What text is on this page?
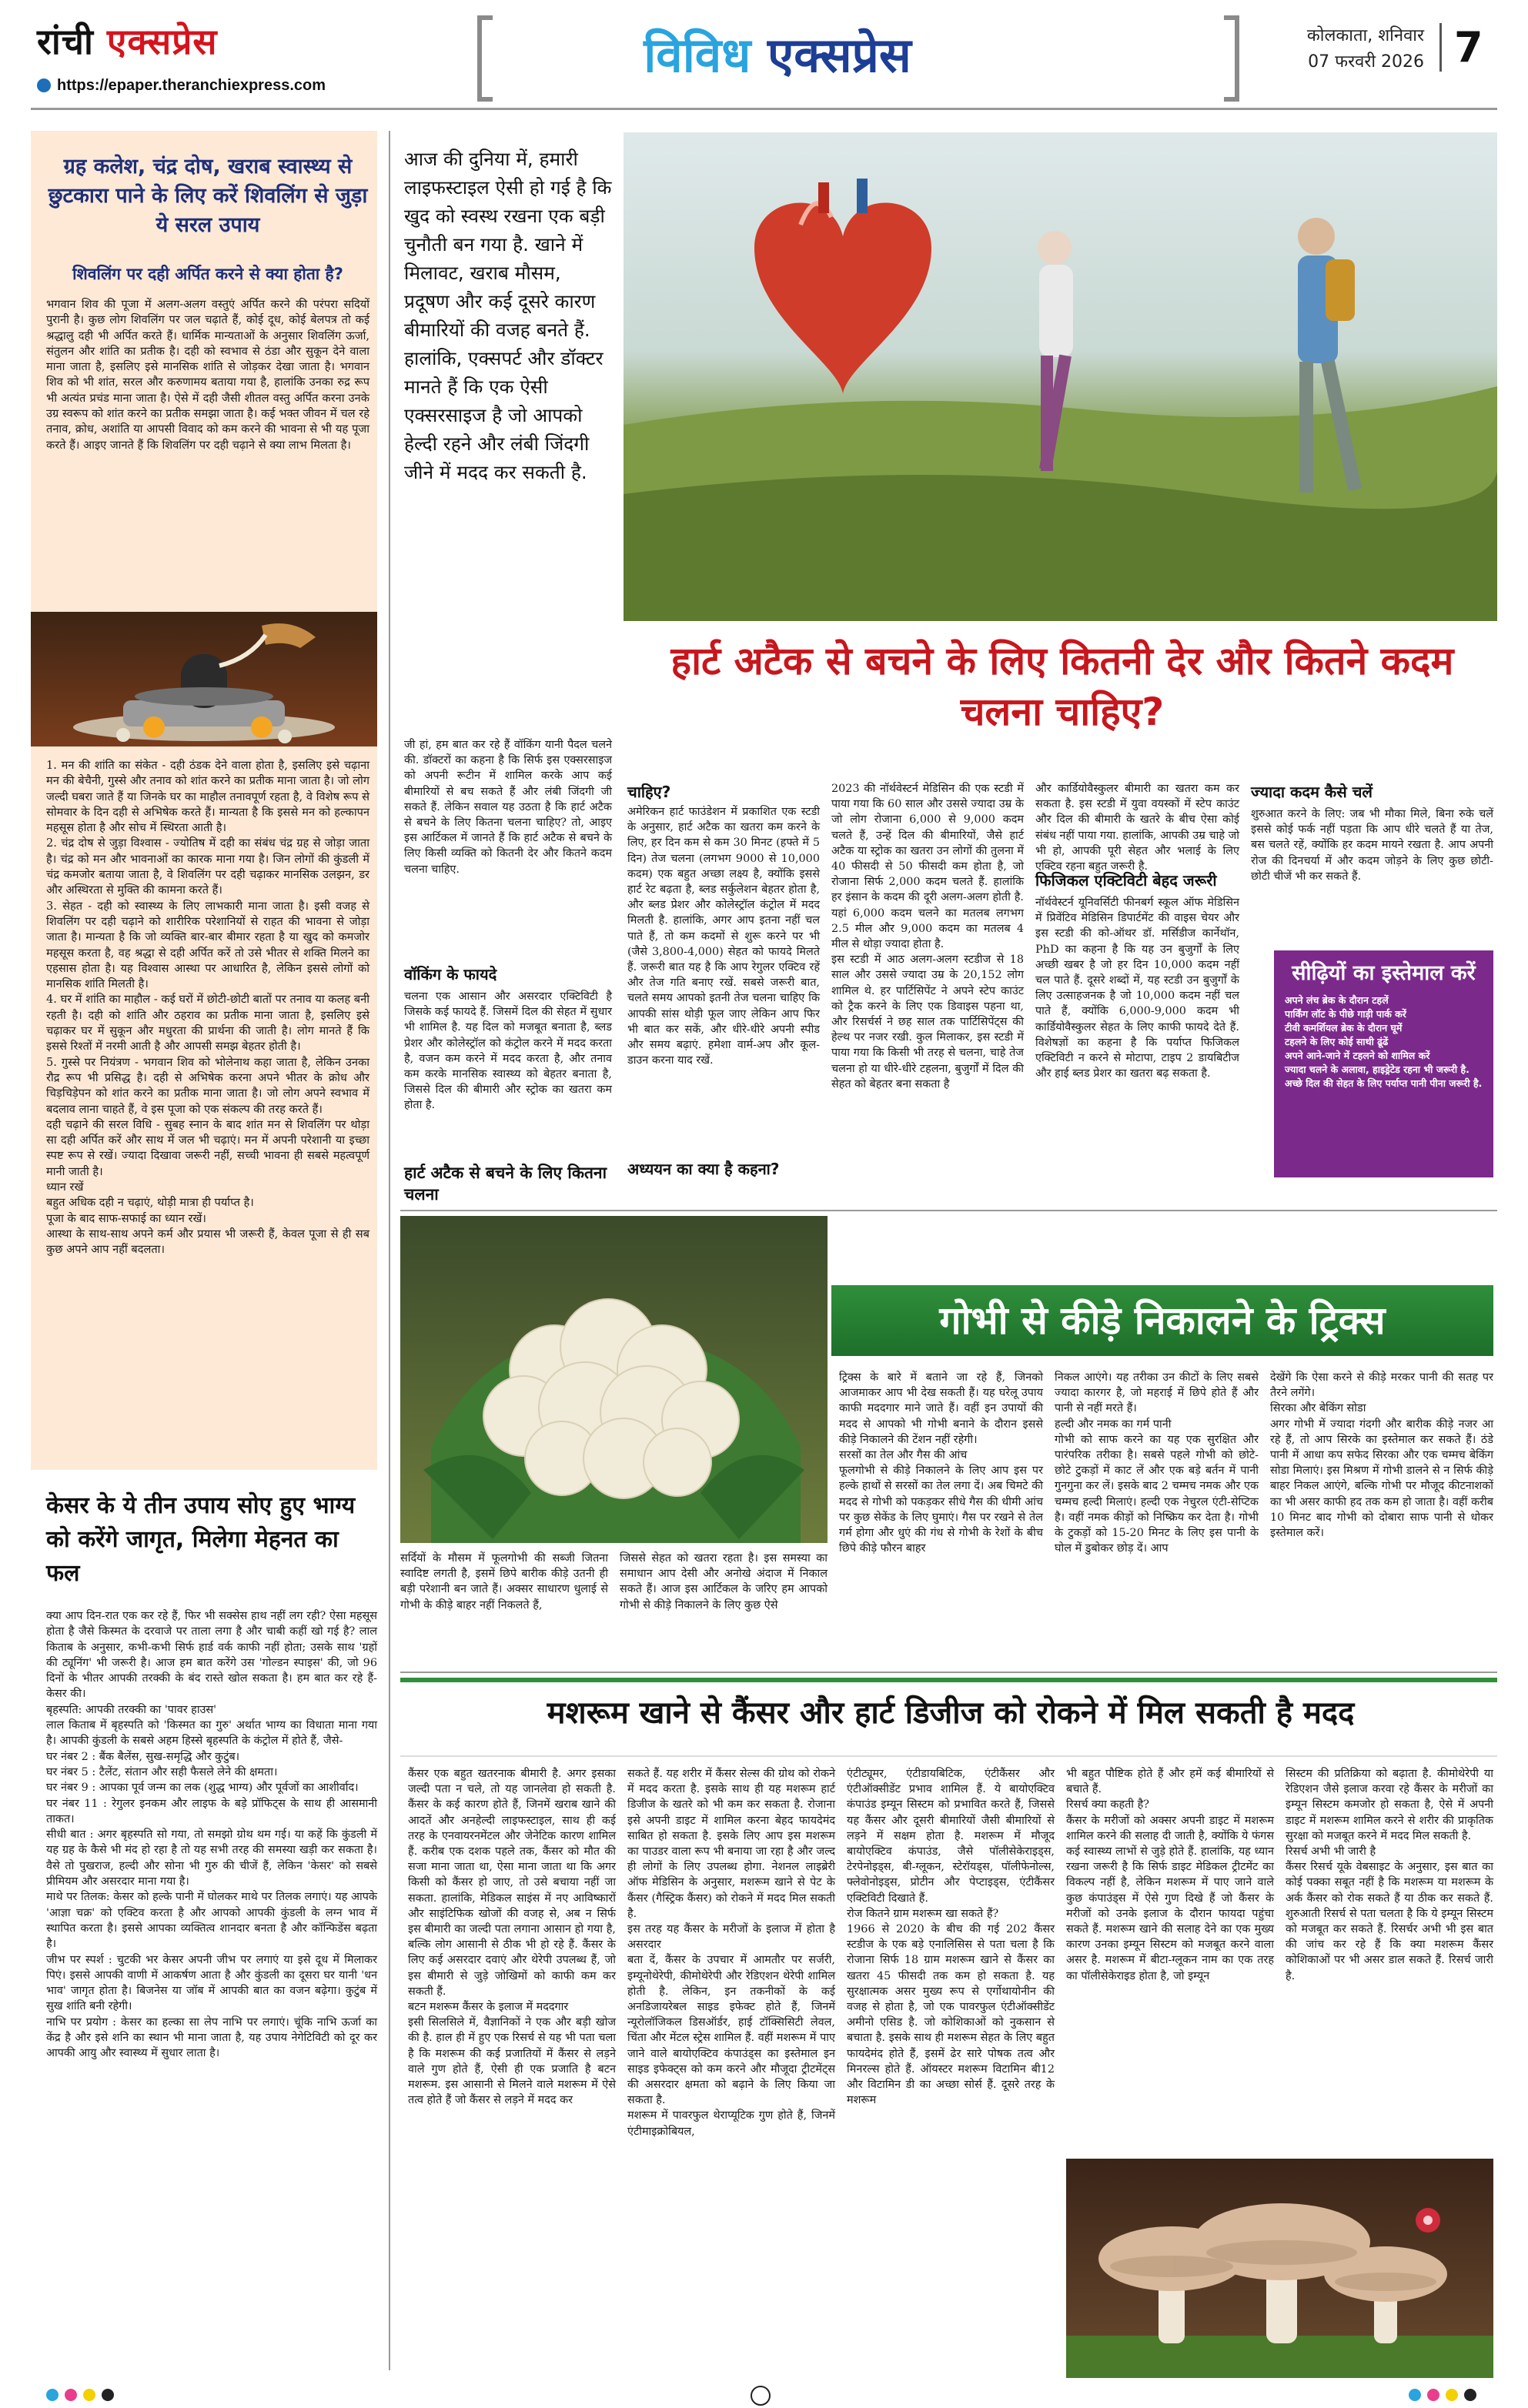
रांची एक्सप्रेस
https://epaper.theranchiexpress.com
विविध एक्सप्रेस	कोलकाता, शनिवार
07 फरवरी 2026 7
ग्रह कलेश, चंद्र दोष, खराब स्वास्थ्य से छुटकारा पाने के लिए करें शिवलिंग से जुड़ा ये सरल उपाय
शिवलिंग पर दही अर्पित करने से क्या होता है?
भगवान शिव की पूजा में अलग-अलग वस्तुएं अर्पित करने की परंपरा सदियों पुरानी है। कुछ लोग शिवलिंग पर जल चढ़ाते हैं, कोई दूध, कोई बेलपत्र तो कई श्रद्धालु दही भी अर्पित करते हैं। धार्मिक मान्यताओं के अनुसार शिवलिंग ऊर्जा, संतुलन और शांति का प्रतीक है। दही को स्वभाव से ठंडा और सुकून देने वाला माना जाता है, इसलिए इसे मानसिक शांति से जोड़कर देखा जाता है। भगवान शिव को भी शांत, सरल और करुणामय बताया गया है, हालांकि उनका रुद्र रूप भी अत्यंत प्रचंड माना जाता है। ऐसे में दही जैसी शीतल वस्तु अर्पित करना उनके उग्र स्वरूप को शांत करने का प्रतीक समझा जाता है। कई भक्त जीवन में चल रहे तनाव, क्रोध, अशांति या आपसी विवाद को कम करने की भावना से भी यह पूजा करते हैं। आइए जानते हैं कि शिवलिंग पर दही चढ़ाने से क्या लाभ मिलता है।
1. मन की शांति का संकेत - दही ठंडक देने वाला होता है, इसलिए इसे चढ़ाना मन की बेचैनी, गुस्से और तनाव को शांत करने का प्रतीक माना जाता है। जो लोग जल्दी घबरा जाते हैं या जिनके घर का माहौल तनावपूर्ण रहता है, वे विशेष रूप से सोमवार के दिन दही से अभिषेक करते हैं। मान्यता है कि इससे मन को हल्कापन महसूस होता है और सोच में स्थिरता आती है।
2. चंद्र दोष से जुड़ा विश्वास - ज्योतिष में दही का संबंध चंद्र ग्रह से जोड़ा जाता है। चंद्र को मन और भावनाओं का कारक माना गया है। जिन लोगों की कुंडली में चंद्र कमजोर बताया जाता है, वे शिवलिंग पर दही चढ़ाकर मानसिक उलझन, डर और अस्थिरता से मुक्ति की कामना करते हैं।
3. सेहत - दही को स्वास्थ्य के लिए लाभकारी माना जाता है। इसी वजह से शिवलिंग पर दही चढ़ाने को शारीरिक परेशानियों से राहत की भावना से जोड़ा जाता है। मान्यता है कि जो व्यक्ति बार-बार बीमार रहता है या खुद को कमजोर महसूस करता है, वह श्रद्धा से दही अर्पित करें तो उसे भीतर से शक्ति मिलने का एहसास होता है। यह विश्वास आस्था पर आधारित है, लेकिन इससे लोगों को मानसिक शांति मिलती है।
4. घर में शांति का माहौल - कई घरों में छोटी-छोटी बातों पर तनाव या कलह बनी रहती है। दही को शांति और ठहराव का प्रतीक माना जाता है, इसलिए इसे चढ़ाकर घर में सुकून और मधुरता की प्रार्थना की जाती है। लोग मानते हैं कि इससे रिश्तों में नरमी आती है और आपसी समझ बेहतर होती है।
5. गुस्से पर नियंत्रण - भगवान शिव को भोलेनाथ कहा जाता है, लेकिन उनका रौद्र रूप भी प्रसिद्ध है। दही से अभिषेक करना अपने भीतर के क्रोध और चिड़चिड़ेपन को शांत करने का प्रतीक माना जाता है। जो लोग अपने स्वभाव में बदलाव लाना चाहते हैं, वे इस पूजा को एक संकल्प की तरह करते हैं।
दही चढ़ाने की सरल विधि - सुबह स्नान के बाद शांत मन से शिवलिंग पर थोड़ा सा दही अर्पित करें और साथ में जल भी चढ़ाएं। मन में अपनी परेशानी या इच्छा स्पष्ट रूप से रखें। ज्यादा दिखावा जरूरी नहीं, सच्ची भावना ही सबसे महत्वपूर्ण मानी जाती है।
ध्यान रखें
बहुत अधिक दही न चढ़ाएं, थोड़ी मात्रा ही पर्याप्त है।
पूजा के बाद साफ-सफाई का ध्यान रखें।
आस्था के साथ-साथ अपने कर्म और प्रयास भी जरूरी हैं, केवल पूजा से ही सब कुछ अपने आप नहीं बदलता।
केसर के ये तीन उपाय सोए हुए भाग्य को करेंगे जागृत, मिलेगा मेहनत का फल
क्या आप दिन-रात एक कर रहे हैं, फिर भी सक्सेस हाथ नहीं लग रही? ऐसा महसूस होता है जैसे किस्मत के दरवाजे पर ताला लगा है और चाबी कहीं खो गई है? लाल किताब के अनुसार, कभी-कभी सिर्फ हार्ड वर्क काफी नहीं होता; उसके साथ 'ग्रहों की ट्यूनिंग' भी जरूरी है। आज हम बात करेंगे उस 'गोल्डन स्पाइस' की, जो 96 दिनों के भीतर आपकी तरक्की के बंद रास्ते खोल सकता है। हम बात कर रहे हैं- केसर की।
बृहस्पति: आपकी तरक्की का 'पावर हाउस'
लाल किताब में बृहस्पति को 'किस्मत का गुरु' अर्थात भाग्य का विधाता माना गया है। आपकी कुंडली के सबसे अहम हिस्से बृहस्पति के कंट्रोल में होते हैं, जैसे-
घर नंबर 2 : बैंक बैलेंस, सुख-समृद्धि और कुटुंब।
घर नंबर 5 : टैलेंट, संतान और सही फैसले लेने की क्षमता।
घर नंबर 9 : आपका पूर्व जन्म का लक (शुद्ध भाग्य) और पूर्वजों का आशीर्वाद।
घर नंबर 11 : रेगुलर इनकम और लाइफ के बड़े प्रॉफिट्स के साथ ही आसमानी ताकत।
सीधी बात : अगर बृहस्पति सो गया, तो समझो ग्रोथ थम गई। या कहें कि कुंडली में यह ग्रह के कैसे भी मंद हो रहा है तो यह सभी तरह की समस्या खड़ी कर सकता है। वैसे तो पुखराज, हल्दी और सोना भी गुरु की चीजें हैं, लेकिन 'केसर' को सबसे प्रीमियम और असरदार माना गया है।
माथे पर तिलक: केसर को हल्के पानी में घोलकर माथे पर तिलक लगाएं। यह आपके 'आज्ञा चक्र' को एक्टिव करता है और आपको आपकी कुंडली के लग्न भाव में स्थापित करता है। इससे आपका व्यक्तित्व शानदार बनता है और कॉन्फिडेंस बढ़ता है।
जीभ पर स्पर्श : चुटकी भर केसर अपनी जीभ पर लगाएं या इसे दूध में मिलाकर पिएं। इससे आपकी वाणी में आकर्षण आता है और कुंडली का दूसरा घर यानी 'धन भाव' जागृत होता है। बिजनेस या जॉब में आपकी बात का वजन बढ़ेगा। कुटुंब में सुख शांति बनी रहेगी।
नाभि पर प्रयोग : केसर का हल्का सा लेप नाभि पर लगाएं। चूंकि नाभि ऊर्जा का केंद्र है और इसे शनि का स्थान भी माना जाता है, यह उपाय नेगेटिविटी को दूर कर आपकी आयु और स्वास्थ्य में सुधार लाता है।
आज की दुनिया में, हमारी लाइफस्टाइल ऐसी हो गई है कि खुद को स्वस्थ रखना एक बड़ी चुनौती बन गया है. खाने में मिलावट, खराब मौसम, प्रदूषण और कई दूसरे कारण बीमारियों की वजह बनते हैं. हालांकि, एक्सपर्ट और डॉक्टर मानते हैं कि एक ऐसी एक्सरसाइज है जो आपको हेल्दी रहने और लंबी जिंदगी जीने में मदद कर सकती है.
हार्ट अटैक से बचने के लिए कितनी देर और कितने कदम चलना चाहिए?
जी हां, हम बात कर रहे हैं वॉकिंग यानी पैदल चलने की. डॉक्टरों का कहना है कि सिर्फ इस एक्सरसाइज को अपनी रूटीन में शामिल करके आप कई बीमारियों से बच सकते हैं और लंबी जिंदगी जी सकते हैं. लेकिन सवाल यह उठता है कि हार्ट अटैक से बचने के लिए कितना चलना चाहिए? तो, आइए इस आर्टिकल में जानते हैं कि हार्ट अटैक से बचने के लिए किसी व्यक्ति को कितनी देर और कितने कदम चलना चाहिए.
वॉकिंग के फायदे
चलना एक आसान और असरदार एक्टिविटी है जिसके कई फायदे हैं. जिसमें दिल की सेहत में सुधार भी शामिल है. यह दिल को मजबूत बनाता है, ब्लड प्रेशर और कोलेस्ट्रॉल को कंट्रोल करने में मदद करता है, वजन कम करने में मदद करता है, और तनाव कम करके मानसिक स्वास्थ्य को बेहतर बनाता है, जिससे दिल की बीमारी और स्ट्रोक का खतरा कम होता है.
हार्ट अटैक से बचने के लिए कितना चलना
चाहिए?
अमेरिकन हार्ट फाउंडेशन में प्रकाशित एक स्टडी के अनुसार, हार्ट अटैक का खतरा कम करने के लिए, हर दिन कम से कम 30 मिनट (हफ्ते में 5 दिन) तेज चलना (लगभग 9000 से 10,000 कदम) एक बहुत अच्छा लक्ष्य है, क्योंकि इससे हार्ट रेट बढ़ता है, ब्लड सर्कुलेशन बेहतर होता है, और ब्लड प्रेशर और कोलेस्ट्रॉल कंट्रोल में मदद मिलती है. हालांकि, अगर आप इतना नहीं चल पाते हैं, तो कम कदमों से शुरू करने पर भी (जैसे 3,800-4,000) सेहत को फायदे मिलते हैं. जरूरी बात यह है कि आप रेगुलर एक्टिव रहें और तेज गति बनाए रखें. सबसे जरूरी बात, चलते समय आपको इतनी तेज चलना चाहिए कि आपकी सांस थोड़ी फूल जाए लेकिन आप फिर भी बात कर सकें, और धीरे-धीरे अपनी स्पीड और समय बढ़ाएं. हमेशा वार्म-अप और कूल-डाउन करना याद रखें.
अध्ययन का क्या है कहना?
2023 की नॉर्थवेस्टर्न मेडिसिन की एक स्टडी में पाया गया कि 60 साल और उससे ज्यादा उम्र के जो लोग रोजाना 6,000 से 9,000 कदम चलते हैं, उन्हें दिल की बीमारियों, जैसे हार्ट अटैक या स्ट्रोक का खतरा उन लोगों की तुलना में 40 फीसदी से 50 फीसदी कम होता है, जो रोजाना सिर्फ 2,000 कदम चलते हैं. हालांकि हर इंसान के कदम की दूरी अलग-अलग होती है. यहां 6,000 कदम चलने का मतलब लगभग 2.5 मील और 9,000 कदम का मतलब 4 मील से थोड़ा ज्यादा होता है.
इस स्टडी में आठ अलग-अलग स्टडीज से 18 साल और उससे ज्यादा उम्र के 20,152 लोग शामिल थे. हर पार्टिसिपेंट ने अपने स्टेप काउंट को ट्रैक करने के लिए एक डिवाइस पहना था, और रिसर्चर्स ने छह साल तक पार्टिसिपेंट्स की हेल्थ पर नजर रखी. कुल मिलाकर, इस स्टडी में पाया गया कि किसी भी तरह से चलना, चाहे तेज चलना हो या धीरे-धीरे टहलना, बुजुर्गों में दिल की सेहत को बेहतर बना सकता है
और कार्डियोवैस्कुलर बीमारी का खतरा कम कर सकता है. इस स्टडी में युवा वयस्कों में स्टेप काउंट और दिल की बीमारी के खतरे के बीच ऐसा कोई संबंध नहीं पाया गया. हालांकि, आपकी उम्र चाहे जो भी हो, आपकी पूरी सेहत और भलाई के लिए एक्टिव रहना बहुत जरूरी है.
फिजिकल एक्टिविटी बेहद जरूरी
नॉर्थवेस्टर्न यूनिवर्सिटी फीनबर्ग स्कूल ऑफ मेडिसिन में प्रिवेंटिव मेडिसिन डिपार्टमेंट की वाइस चेयर और इस स्टडी की को-ऑथर डॉ. मर्सिडीज कार्नेथॉन, PhD का कहना है कि यह उन बुजुर्गों के लिए अच्छी खबर है जो हर दिन 10,000 कदम नहीं चल पाते हैं. दूसरे शब्दों में, यह स्टडी उन बुजुर्गों के लिए उत्साहजनक है जो 10,000 कदम नहीं चल पाते हैं, क्योंकि 6,000-9,000 कदम भी कार्डियोवैस्कुलर सेहत के लिए काफी फायदे देते हैं. विशेषज्ञों का कहना है कि पर्याप्त फिजिकल एक्टिविटी न करने से मोटापा, टाइप 2 डायबिटीज और हाई ब्लड प्रेशर का खतरा बढ़ सकता है.
ज्यादा कदम कैसे चलें
शुरुआत करने के लिए: जब भी मौका मिले, बिना रुके चलें इससे कोई फर्क नहीं पड़ता कि आप धीरे चलते हैं या तेज, बस चलते रहें, क्योंकि हर कदम मायने रखता है. आप अपनी रोज की दिनचर्या में और कदम जोड़ने के लिए कुछ छोटी-छोटी चीजें भी कर सकते हैं.
सीढ़ियों का इस्तेमाल करें
अपने लंच ब्रेक के दौरान टहलें
पार्किंग लॉट के पीछे गाड़ी पार्क करें
टीवी कमर्शियल ब्रेक के दौरान घूमें
टहलने के लिए कोई साथी ढूंढें
अपने आने-जाने में टहलने को शामिल करें
ज्यादा चलने के अलावा, हाइड्रेटेड रहना भी जरूरी है. अच्छे दिल की सेहत के लिए पर्याप्त पानी पीना जरूरी है.
गोभी से कीड़े निकालने के ट्रिक्स
सर्दियों के मौसम में फूलगोभी की सब्जी जितना स्वादिष्ट लगती है, इसमें छिपे बारीक कीड़े उतनी ही बड़ी परेशानी बन जाते हैं। अक्सर साधारण धुलाई से गोभी के कीड़े बाहर नहीं निकलते हैं,
जिससे सेहत को खतरा रहता है। इस समस्या का समाधान आप देसी और अनोखे अंदाज में निकाल सकते हैं। आज इस आर्टिकल के जरिए हम आपको गोभी से कीड़े निकालने के लिए कुछ ऐसे
ट्रिक्स के बारे में बताने जा रहे हैं, जिनको आजमाकर आप भी देख सकती हैं। यह घरेलू उपाय काफी मददगार माने जाते हैं। वहीं इन उपायों की मदद से आपको भी गोभी बनाने के दौरान इससे कीड़े निकालने की टेंशन नहीं रहेगी।
सरसों का तेल और गैस की आंच
फूलगोभी से कीड़े निकालने के लिए आप इस पर हल्के हाथों से सरसों का तेल लगा दें। अब चिमटे की मदद से गोभी को पकड़कर सीधे गैस की धीमी आंच पर कुछ सेकेंड के लिए घुमाएं। गैस पर रखने से तेल गर्म होगा और धुएं की गंध से गोभी के रेशों के बीच छिपे कीड़े फौरन बाहर
निकल आएंगे। यह तरीका उन कीटों के लिए सबसे ज्यादा कारगर है, जो महराई में छिपे होते हैं और पानी से नहीं मरते हैं।
हल्दी और नमक का गर्म पानी
गोभी को साफ करने का यह एक सुरक्षित और पारंपरिक तरीका है। सबसे पहले गोभी को छोटे-छोटे टुकड़ों में काट लें और एक बड़े बर्तन में पानी गुनगुना कर लें। इसके बाद 2 चम्मच नमक और एक चम्मच हल्दी मिलाएं। हल्दी एक नेचुरल एंटी-सेप्टिक है। वहीं नमक कीड़ों को निष्क्रिय कर देता है। गोभी के टुकड़ों को 15-20 मिनट के लिए इस पानी के घोल में डुबोकर छोड़ दें। आप
देखेंगे कि ऐसा करने से कीड़े मरकर पानी की सतह पर तैरने लगेंगे।
सिरका और बेकिंग सोडा
अगर गोभी में ज्यादा गंदगी और बारीक कीड़े नजर आ रहे हैं, तो आप सिरके का इस्तेमाल कर सकते हैं। ठंडे पानी में आधा कप सफेद सिरका और एक चम्मच बेकिंग सोडा मिलाएं। इस मिश्रण में गोभी डालने से न सिर्फ कीड़े बाहर निकल आएंगे, बल्कि गोभी पर मौजूद कीटनाशकों का भी असर काफी हद तक कम हो जाता है। वहीं करीब 10 मिनट बाद गोभी को दोबारा साफ पानी से धोकर इस्तेमाल करें।
मशरूम खाने से कैंसर और हार्ट डिजीज को रोकने में मिल सकती है मदद
कैंसर एक बहुत खतरनाक बीमारी है. अगर इसका जल्दी पता न चले, तो यह जानलेवा हो सकती है. कैंसर के कई कारण होते हैं, जिनमें खराब खाने की आदतें और अनहेल्दी लाइफस्टाइल, साथ ही कई तरह के एनवायरनमेंटल और जेनेटिक कारण शामिल हैं. करीब एक दशक पहले तक, कैंसर को मौत की सजा माना जाता था, ऐसा माना जाता था कि अगर किसी को कैंसर हो जाए, तो उसे बचाया नहीं जा सकता. हालांकि, मेडिकल साइंस में नए आविष्कारों और साइंटिफिक खोजों की वजह से, अब न सिर्फ इस बीमारी का जल्दी पता लगाना आसान हो गया है, बल्कि लोग आसानी से ठीक भी हो रहे हैं. कैंसर के लिए कई असरदार दवाएं और थेरेपी उपलब्ध हैं, जो इस बीमारी से जुड़े जोखिमों को काफी कम कर सकती हैं.
बटन मशरूम कैंसर के इलाज में मददगार
इसी सिलसिले में, वैज्ञानिकों ने एक और बड़ी खोज की है. हाल ही में हुए एक रिसर्च से यह भी पता चला है कि मशरूम की कई प्रजातियों में कैंसर से लड़ने वाले गुण होते हैं, ऐसी ही एक प्रजाति है बटन मशरूम. इस आसानी से मिलने वाले मशरूम में ऐसे तत्व होते हैं जो कैंसर से लड़ने में मदद कर
सकते हैं. यह शरीर में कैंसर सेल्स की ग्रोथ को रोकने में मदद करता है. इसके साथ ही यह मशरूम हार्ट डिजीज के खतरे को भी कम कर सकता है. रोजाना इसे अपनी डाइट में शामिल करना बेहद फायदेमंद साबित हो सकता है. इसके लिए आप इस मशरूम का पाउडर वाला रूप भी बनाया जा रहा है और जल्द ही लोगों के लिए उपलब्ध होगा. नेशनल लाइब्रेरी ऑफ मेडिसिन के अनुसार, मशरूम खाने से पेट के कैंसर (गैस्ट्रिक कैंसर) को रोकने में मदद मिल सकती है.
इस तरह यह कैंसर के मरीजों के इलाज में होता है असरदार
बता दें, कैंसर के उपचार में आमतौर पर सर्जरी, इम्यूनोथेरेपी, कीमोथेरेपी और रेडिएशन थेरेपी शामिल होती है. लेकिन, इन तकनीकों के कई अनडिजायरेबल साइड इफेक्ट होते हैं, जिनमें न्यूरोलॉजिकल डिसऑर्डर, हाई टॉक्सिसिटी लेवल, चिंता और मेंटल स्ट्रेस शामिल हैं. वहीं मशरूम में पाए जाने वाले बायोएक्टिव कंपाउंड्स का इस्तेमाल इन साइड इफेक्ट्स को कम करने और मौजूदा ट्रीटमेंट्स की असरदार क्षमता को बढ़ाने के लिए किया जा सकता है.
मशरूम में पावरफुल थेराप्यूटिक गुण होते हैं, जिनमें एंटीमाइक्रोबियल,
एंटीट्यूमर, एंटीडायबिटिक, एंटीकैंसर और एंटीऑक्सीडेंट प्रभाव शामिल हैं. ये बायोएक्टिव कंपाउंड इम्यून सिस्टम को प्रभावित करते हैं, जिससे यह कैंसर और दूसरी बीमारियों जैसी बीमारियों से लड़ने में सक्षम होता है. मशरूम में मौजूद बायोएक्टिव कंपाउंड, जैसे पॉलीसेकेराइड्स, टेरपेनोइड्स, बी-ग्लूकन, स्टेरॉयड्स, पॉलीफेनोल्स, फ्लेवोनोइड्स, प्रोटीन और पेप्टाइड्स, एंटीकैंसर एक्टिविटी दिखाते हैं.
रोज कितने ग्राम मशरूम खा सकते हैं?
1966 से 2020 के बीच की गई 202 कैंसर स्टडीज के एक बड़े एनालिसिस से पता चला है कि रोजाना सिर्फ 18 ग्राम मशरूम खाने से कैंसर का खतरा 45 फीसदी तक कम हो सकता है. यह सुरक्षात्मक असर मुख्य रूप से एर्गोथायोनीन की वजह से होता है, जो एक पावरफुल एंटीऑक्सीडेंट अमीनो एसिड है. जो कोशिकाओं को नुकसान से बचाता है. इसके साथ ही मशरूम सेहत के लिए बहुत फायदेमंद होते हैं, इसमें ढेर सारे पोषक तत्व और मिनरल्स होते हैं. ऑयस्टर मशरूम विटामिन बी12 और विटामिन डी का अच्छा सोर्स हैं. दूसरे तरह के मशरूम
भी बहुत पौष्टिक होते हैं और हमें कई बीमारियों से बचाते हैं.
रिसर्च क्या कहती है?
कैंसर के मरीजों को अक्सर अपनी डाइट में मशरूम शामिल करने की सलाह दी जाती है, क्योंकि ये फंगस कई स्वास्थ्य लाभों से जुड़े होते हैं. हालांकि, यह ध्यान रखना जरूरी है कि सिर्फ डाइट मेडिकल ट्रीटमेंट का विकल्प नहीं है, लेकिन मशरूम में पाए जाने वाले कुछ कंपाउंड्स में ऐसे गुण दिखे हैं जो कैंसर के मरीजों को उनके इलाज के दौरान फायदा पहुंचा सकते हैं. मशरूम खाने की सलाह देने का एक मुख्य कारण उनका इम्यून सिस्टम को मजबूत करने वाला असर है. मशरूम में बीटा-ग्लूकन नाम का एक तरह का पॉलीसेकेराइड होता है, जो इम्यून
सिस्टम की प्रतिक्रिया को बढ़ाता है. कीमोथेरेपी या रेडिएशन जैसे इलाज करवा रहे कैंसर के मरीजों का इम्यून सिस्टम कमजोर हो सकता है, ऐसे में अपनी डाइट में मशरूम शामिल करने से शरीर की प्राकृतिक सुरक्षा को मजबूत करने में मदद मिल सकती है.
रिसर्च अभी भी जारी है
कैंसर रिसर्च यूके वेबसाइट के अनुसार, इस बात का कोई पक्का सबूत नहीं है कि मशरूम या मशरूम के अर्क कैंसर को रोक सकते हैं या ठीक कर सकते हैं. शुरुआती रिसर्च से पता चलता है कि ये इम्यून सिस्टम को मजबूत कर सकते हैं. रिसर्चर अभी भी इस बात की जांच कर रहे हैं कि क्या मशरूम कैंसर कोशिकाओं पर भी असर डाल सकते हैं. रिसर्च जारी है.
